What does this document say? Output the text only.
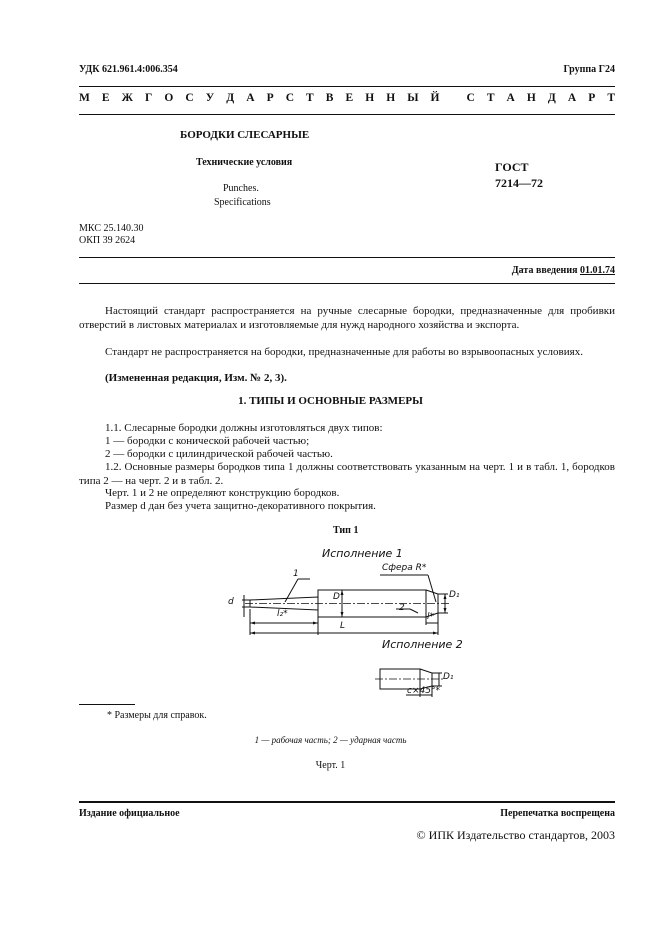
УДК 621.961.4:006.354	Группа Г24
М Е Ж Г О С У Д А Р С Т В Е Н Н Ы Й
С Т А Н Д А Р Т
БОРОДКИ СЛЕСАРНЫЕ
Технические условия
Punches.
Specifications
ГОСТ
7214—72
МКС 25.140.30
ОКП 39 2624
Дата введения 01.01.74
Настоящий стандарт распространяется на ручные слесарные бородки, предназначенные для пробивки отверстий в листовых материалах и изготовляемые для нужд народного хозяйства и экспорта.
Стандарт не распространяется на бородки, предназначенные для работы во взрывоопасных условиях.
(Измененная редакция, Изм. № 2, 3).
1. ТИПЫ И ОСНОВНЫЕ РАЗМЕРЫ
1.1. Слесарные бородки должны изготовляться двух типов:
1 — бородки с конической рабочей частью;
2 — бородки с цилиндрической рабочей частью.
1.2. Основные размеры бородков типа 1 должны соответствовать указанным на черт. 1 и в табл. 1, бородков типа 2 — на черт. 2 и в табл. 2.
Черт. 1 и 2 не определяют конструкцию бородков.
Размер d дан без учета защитно-декоративного покрытия.
Тип 1
Исполнение 1
Сфера R*
1
2
d	D	D₁
l₂*	l*
L
Исполнение 2
D₁
c×45°*
* Размеры для справок.
1 — рабочая часть; 2 — ударная часть
Черт. 1
Издание официальное	Перепечатка воспрещена
© ИПК Издательство стандартов, 2003
